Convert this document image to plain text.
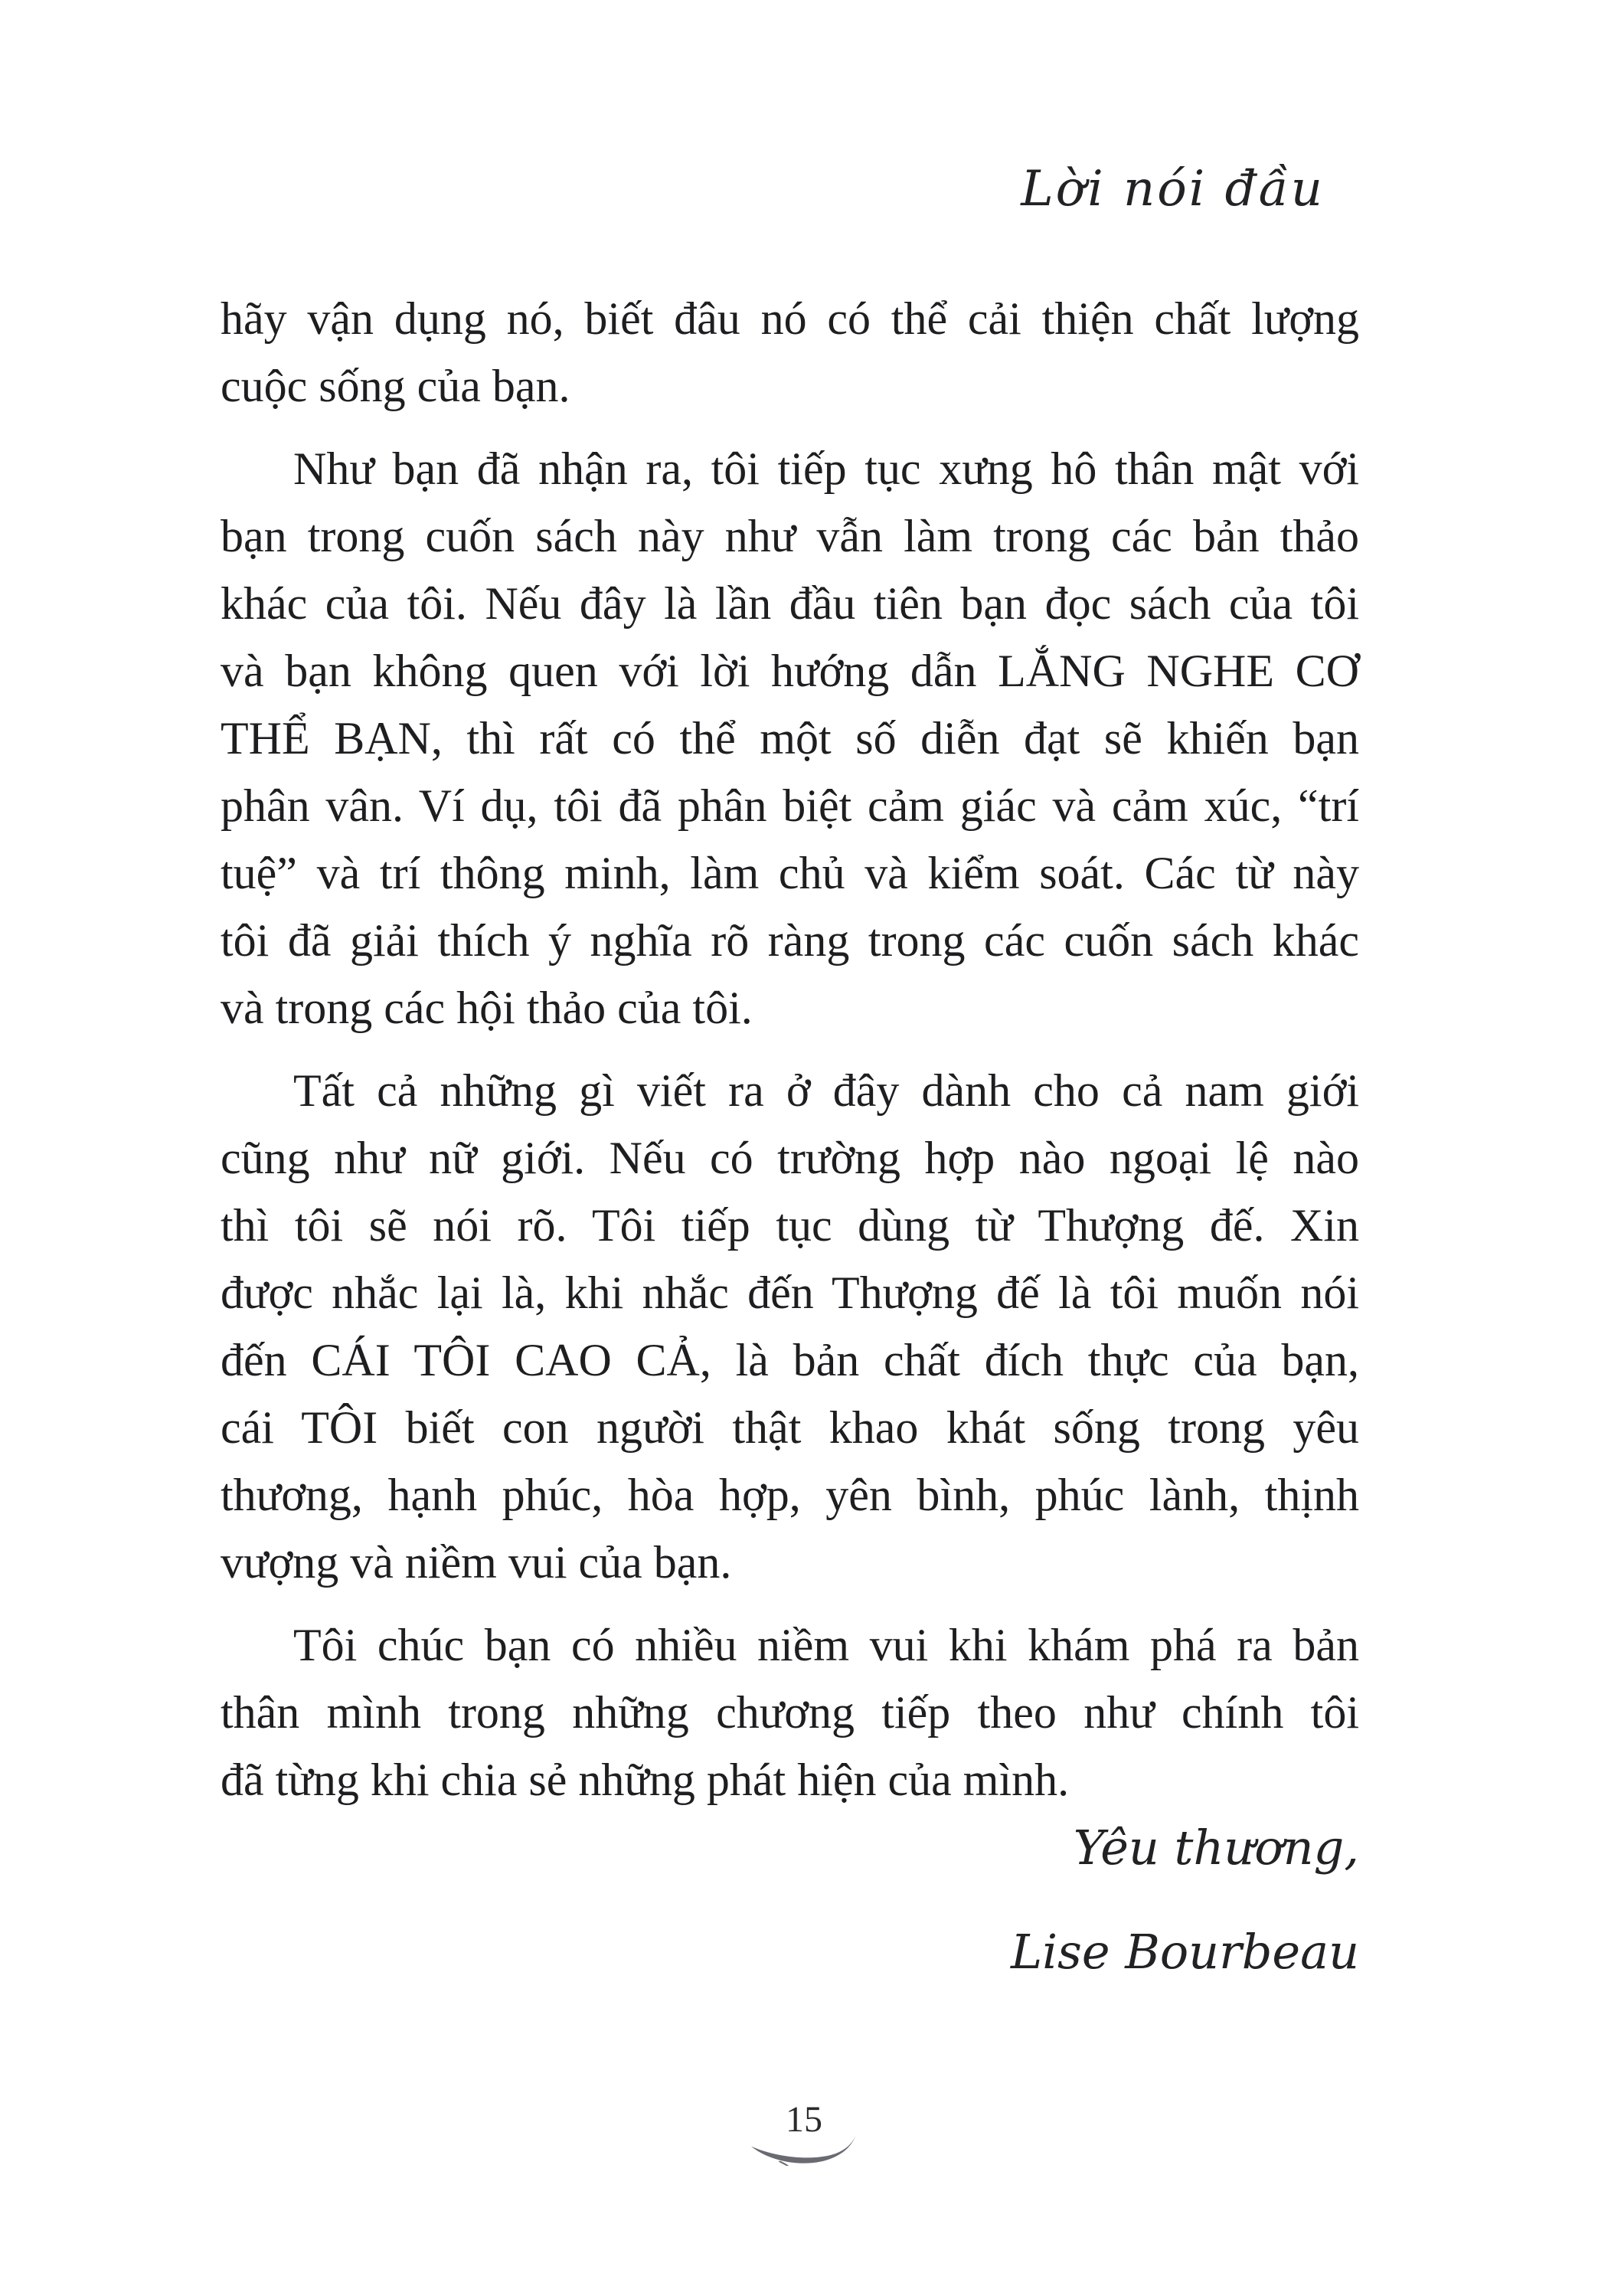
Lời nói đầu
hãy vận dụng nó, biết đâu nó có thể cải thiện chất lượng
cuộc sống của bạn.
Như bạn đã nhận ra, tôi tiếp tục xưng hô thân mật với
bạn trong cuốn sách này như vẫn làm trong các bản thảo
khác của tôi. Nếu đây là lần đầu tiên bạn đọc sách của tôi
và bạn không quen với lời hướng dẫn LẮNG NGHE CƠ
THỂ BẠN, thì rất có thể một số diễn đạt sẽ khiến bạn
phân vân. Ví dụ, tôi đã phân biệt cảm giác và cảm xúc, “trí
tuệ” và trí thông minh, làm chủ và kiểm soát. Các từ này
tôi đã giải thích ý nghĩa rõ ràng trong các cuốn sách khác
và trong các hội thảo của tôi.
Tất cả những gì viết ra ở đây dành cho cả nam giới
cũng như nữ giới. Nếu có trường hợp nào ngoại lệ nào
thì tôi sẽ nói rõ. Tôi tiếp tục dùng từ Thượng đế. Xin
được nhắc lại là, khi nhắc đến Thượng đế là tôi muốn nói
đến CÁI TÔI CAO CẢ, là bản chất đích thực của bạn,
cái TÔI biết con người thật khao khát sống trong yêu
thương, hạnh phúc, hòa hợp, yên bình, phúc lành, thịnh
vượng và niềm vui của bạn.
Tôi chúc bạn có nhiều niềm vui khi khám phá ra bản
thân mình trong những chương tiếp theo như chính tôi
đã từng khi chia sẻ những phát hiện của mình.
Yêu thương,
Lise Bourbeau
15
